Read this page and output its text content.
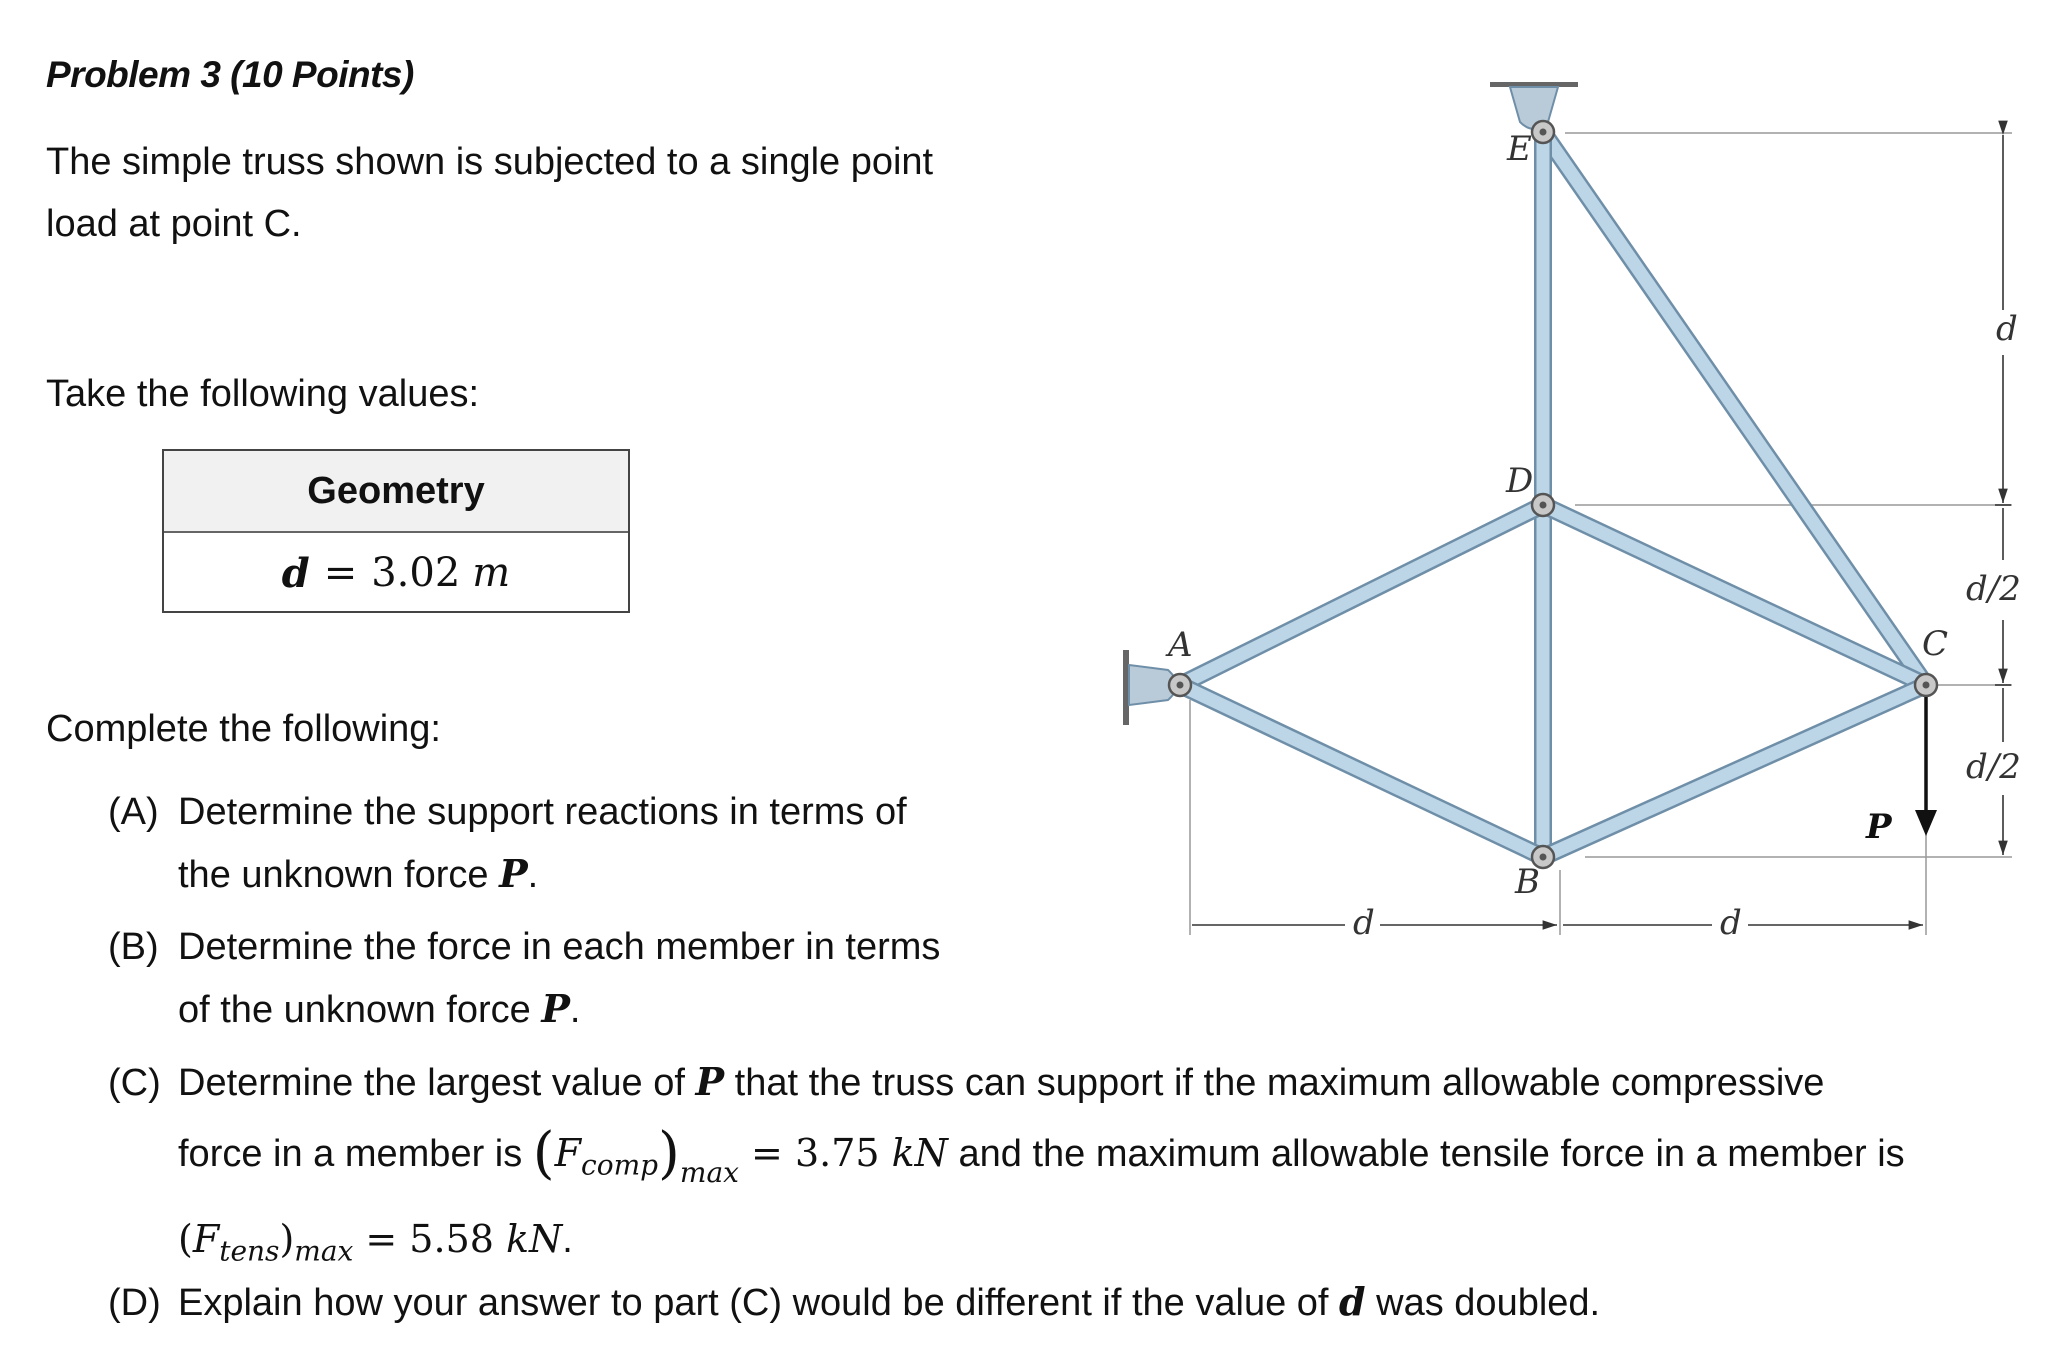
Problem 3 (10 Points)
The simple truss shown is subjected to a single point
load at point C.
Take the following values:
Geometry
d = 3.02 m
Complete the following:
(A) Determine the support reactions in terms of
the unknown force P.
(B) Determine the force in each member in terms
of the unknown force P.
(C) Determine the largest value of P that the truss can support if the maximum allowable compressive
force in a member is $(F_{comp})_{max} = 3.75$ kN and the maximum allowable tensile force in a member is
$(F_{tens})_{max} = 5.58$ kN.
(D) Explain how your answer to part (C) would be different if the value of d was doubled.
d
d/2
d/2
d	d
P
A
E
D
B
C
